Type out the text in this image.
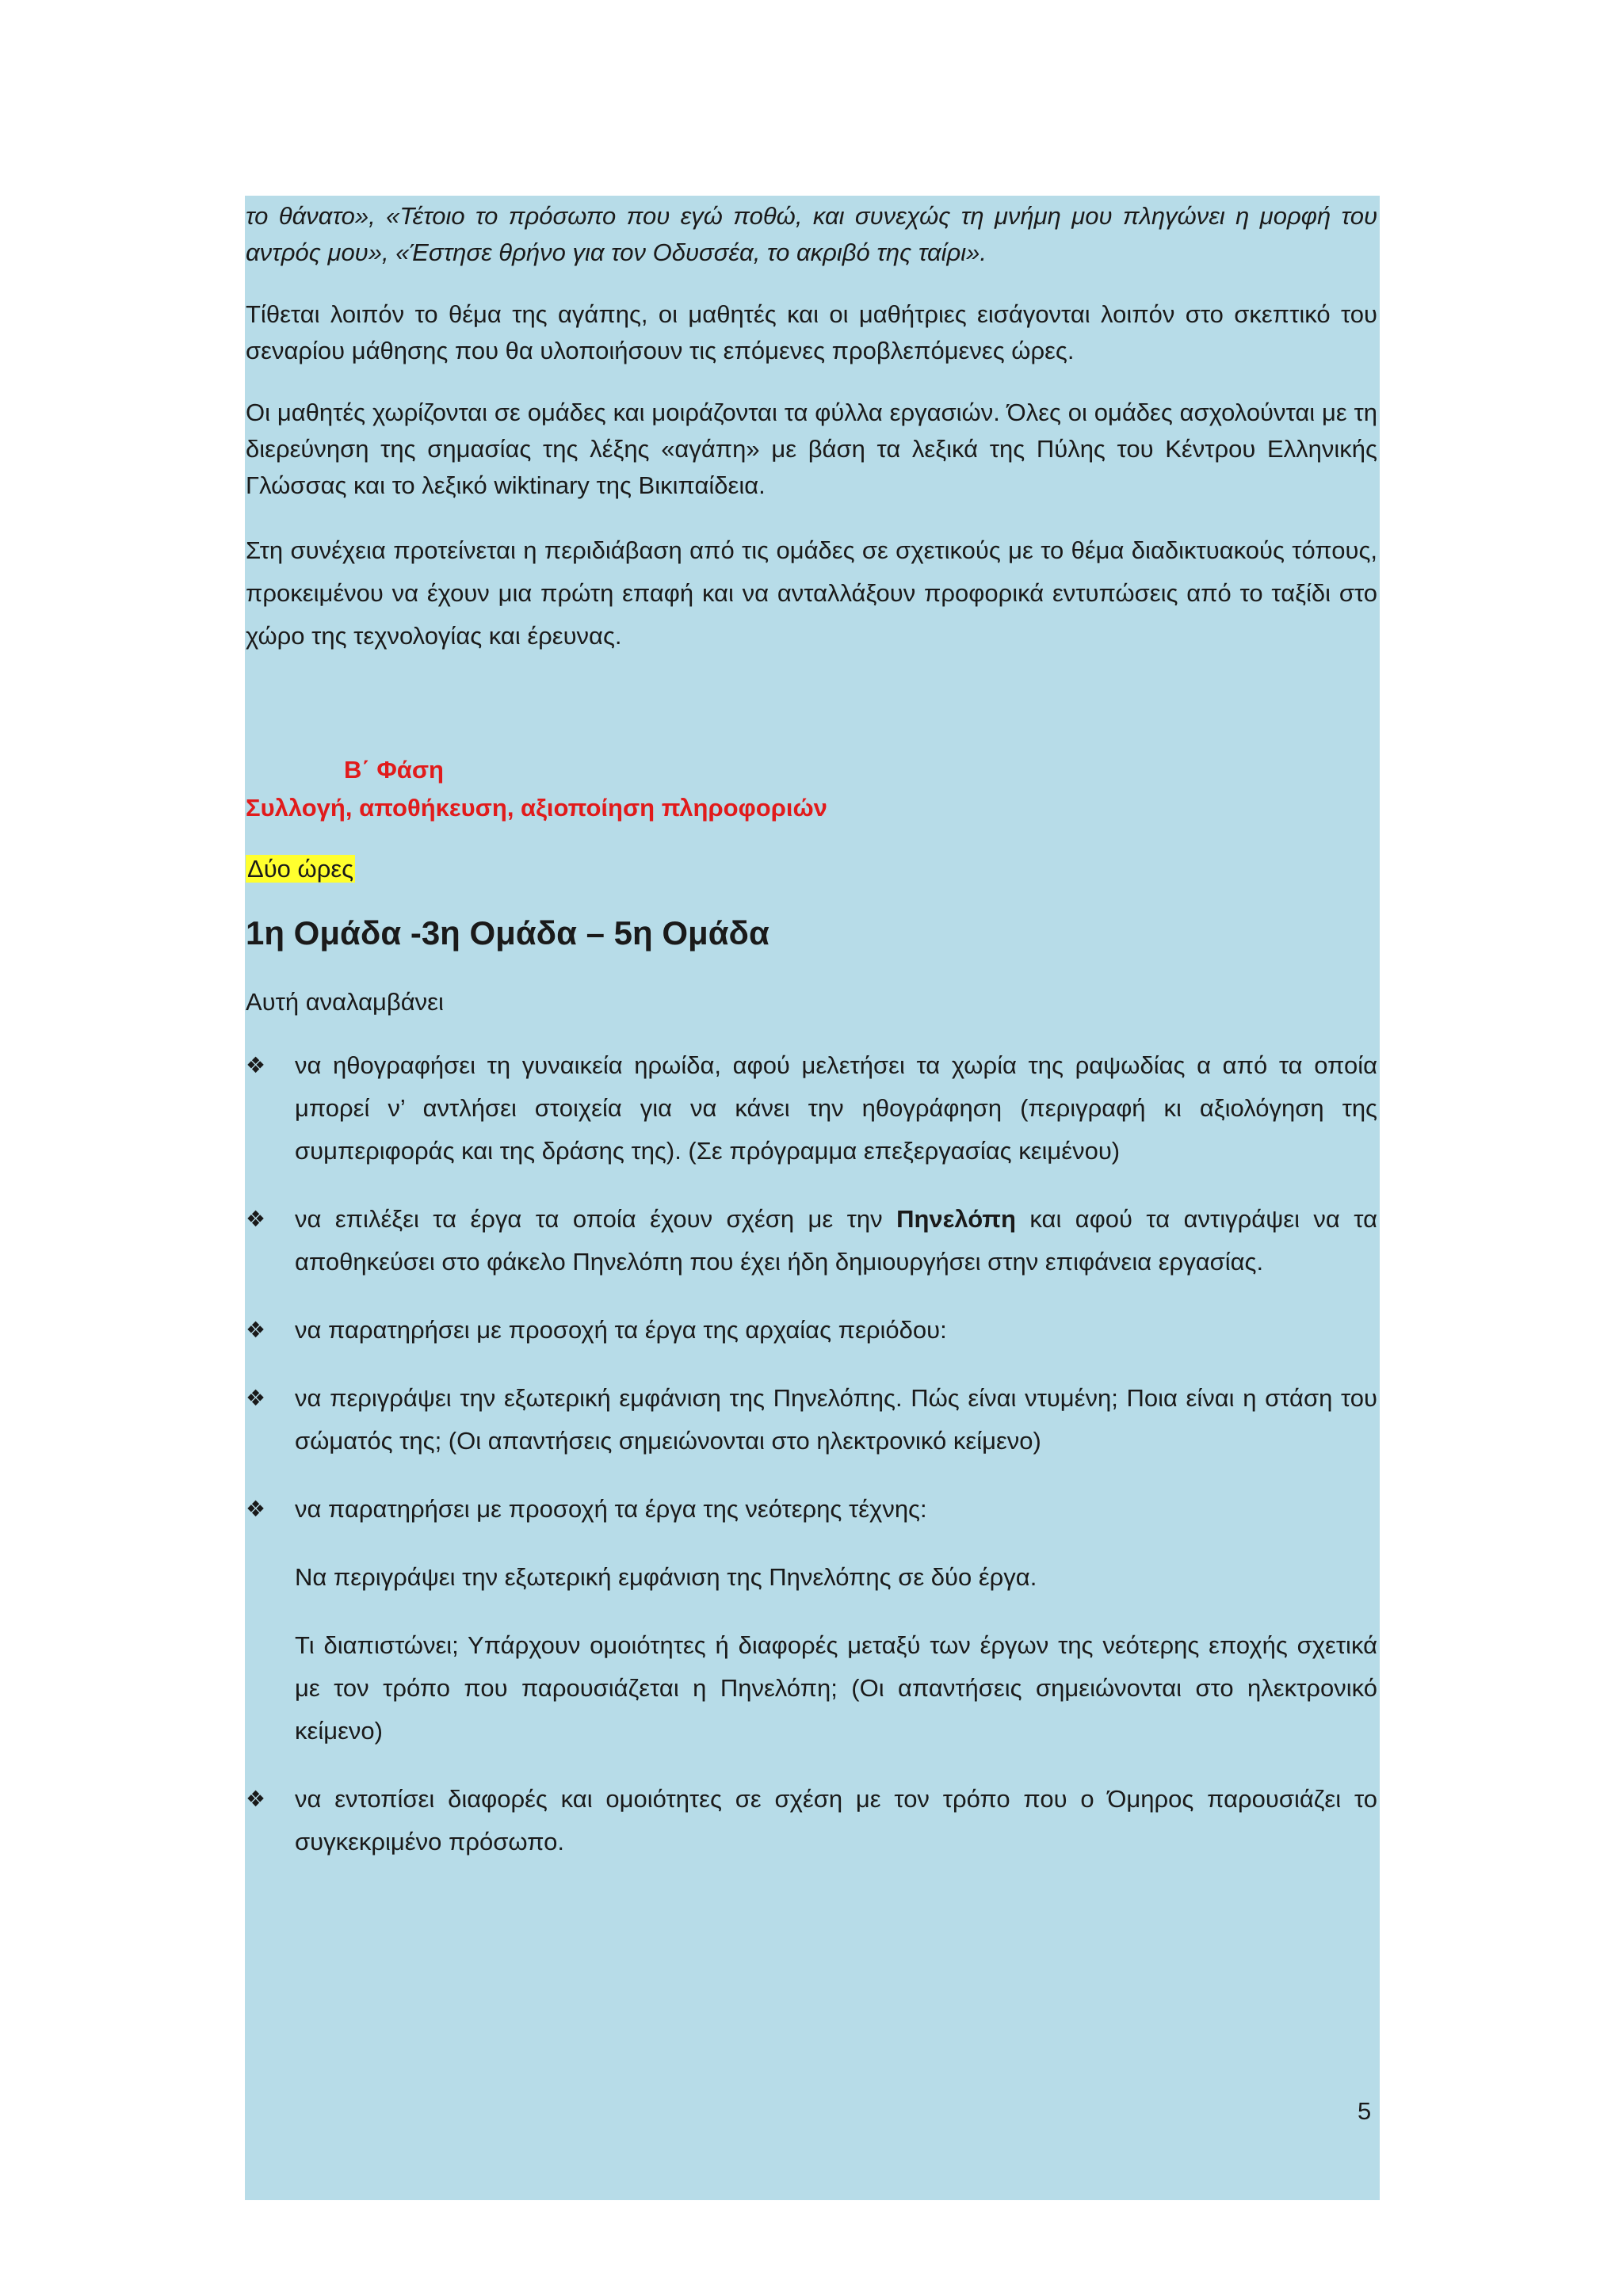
το θάνατο», «Τέτοιο το πρόσωπο που εγώ ποθώ, και συνεχώς τη μνήμη μου πληγώνει η μορφή του αντρός μου», «Έστησε θρήνο για τον Οδυσσέα, το ακριβό της ταίρι».

Τίθεται λοιπόν το θέμα της αγάπης, οι μαθητές και οι μαθήτριες εισάγονται λοιπόν στο σκεπτικό του σεναρίου μάθησης που θα υλοποιήσουν τις επόμενες προβλεπόμενες ώρες.

Οι μαθητές χωρίζονται σε ομάδες και μοιράζονται τα φύλλα εργασιών. Όλες οι ομάδες ασχολούνται με τη διερεύνηση της σημασίας της λέξης «αγάπη» με βάση τα λεξικά της Πύλης του Κέντρου Ελληνικής Γλώσσας και το λεξικό wiktinary της Βικιπαίδεια.

Στη συνέχεια προτείνεται η περιδιάβαση από τις ομάδες σε σχετικούς με το θέμα διαδικτυακούς τόπους, προκειμένου να έχουν μια πρώτη επαφή και να ανταλλάξουν προφορικά εντυπώσεις από το ταξίδι στο χώρο της τεχνολογίας και έρευνας.

Β΄ Φάση
Συλλογή, αποθήκευση, αξιοποίηση πληροφοριών
Δύο ώρες
1η Ομάδα -3η Ομάδα – 5η Ομάδα

Αυτή αναλαμβάνει

❖ να ηθογραφήσει τη γυναικεία ηρωίδα, αφού μελετήσει τα χωρία της ραψωδίας α από τα οποία μπορεί ν’ αντλήσει στοιχεία για να κάνει την ηθογράφηση (περιγραφή κι αξιολόγηση της συμπεριφοράς και της δράσης της). (Σε πρόγραμμα επεξεργασίας κειμένου)
❖ να επιλέξει τα έργα τα οποία έχουν σχέση με την Πηνελόπη και αφού τα αντιγράψει να τα αποθηκεύσει στο φάκελο Πηνελόπη που έχει ήδη δημιουργήσει στην επιφάνεια εργασίας.
❖ να παρατηρήσει με προσοχή τα έργα της αρχαίας περιόδου:
❖ να περιγράψει την εξωτερική εμφάνιση της Πηνελόπης. Πώς είναι ντυμένη; Ποια είναι η στάση του σώματός της; (Οι απαντήσεις σημειώνονται στο ηλεκτρονικό κείμενο)
❖ να παρατηρήσει με προσοχή τα έργα της νεότερης τέχνης:

Να περιγράψει την εξωτερική εμφάνιση της Πηνελόπης σε δύο έργα.

Τι διαπιστώνει; Υπάρχουν ομοιότητες ή διαφορές μεταξύ των έργων της νεότερης εποχής σχετικά με τον τρόπο που παρουσιάζεται η Πηνελόπη; (Οι απαντήσεις σημειώνονται στο ηλεκτρονικό κείμενο)

❖ να εντοπίσει διαφορές και ομοιότητες σε σχέση με τον τρόπο που ο Όμηρος παρουσιάζει το συγκεκριμένο πρόσωπο.
5
